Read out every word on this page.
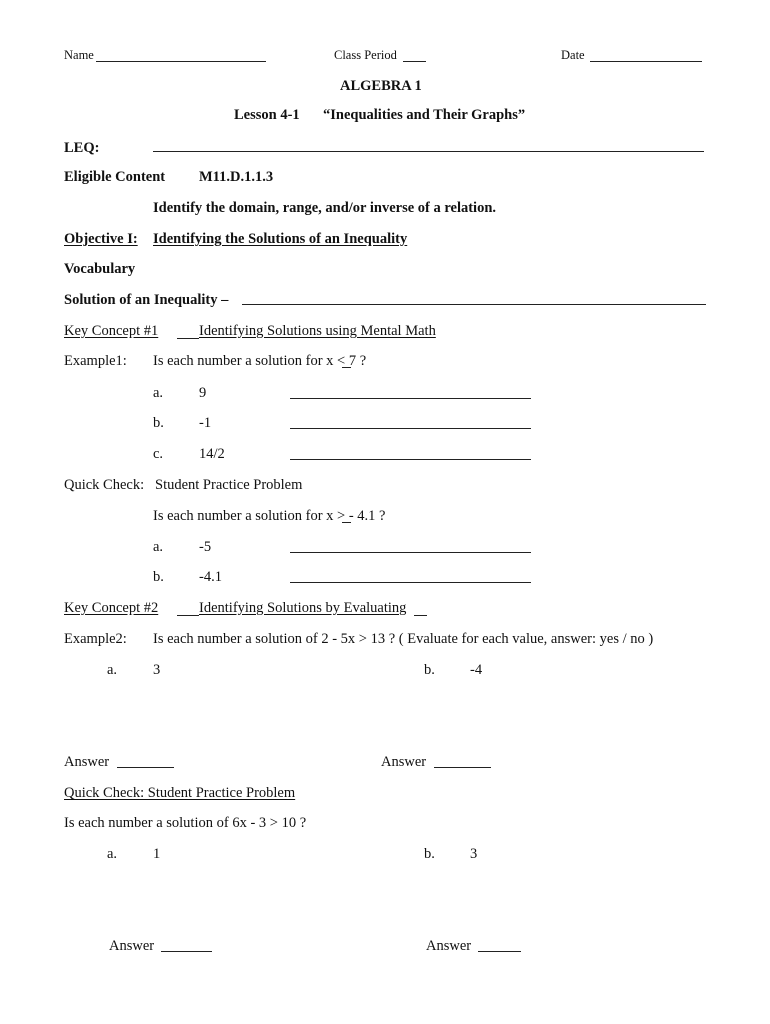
Name	Class Period	Date
ALGEBRA 1
Lesson 4-1 “Inequalities and Their Graphs”
LEQ:
Eligible Content M11.D.1.1.3
Identify the domain, range, and/or inverse of a relation.
Objective I: Identifying the Solutions of an Inequality
Vocabulary
Solution of an Inequality –
Key Concept #1	Identifying Solutions using Mental Math
Example1: Is each number a solution for x < 7 ?
a. 9
b. -1
c. 14/2
Quick Check: Student Practice Problem
Is each number a solution for x > - 4.1 ?
a. -5
b. -4.1
Key Concept #2	Identifying Solutions by Evaluating
Example2: Is each number a solution of 2 - 5x > 13 ? ( Evaluate for each value, answer: yes / no )
a. 3	b. -4
Answer	Answer
Quick Check: Student Practice Problem
Is each number a solution of 6x - 3 > 10 ?
a. 1	b. 3
Answer	Answer
